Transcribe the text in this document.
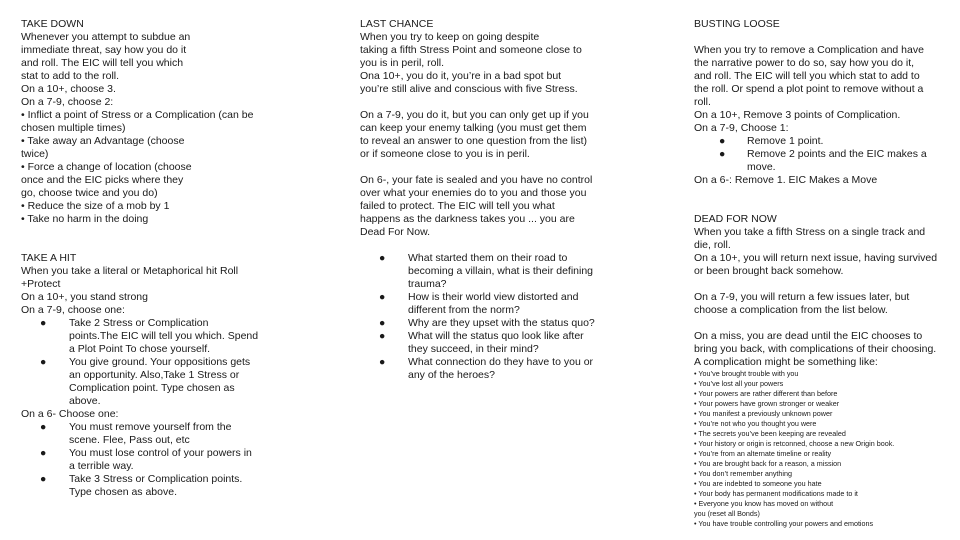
TAKE DOWN
Whenever you attempt to subdue an
immediate threat, say how you do it
and roll. The EIC will tell you which
stat to add to the roll.
On a 10+, choose 3.
On a 7-9, choose 2:
• Inflict a point of Stress or a Complication (can be
chosen multiple times)
• Take away an Advantage (choose
twice)
• Force a change of location (choose
once and the EIC picks where they
go, choose twice and you do)
• Reduce the size of a mob by 1
• Take no harm in the doing
TAKE A HIT
When you take a literal or Metaphorical hit Roll
+Protect
On a 10+, you stand strong
On a 7-9, choose one:
● Take 2 Stress or Complication
points.The EIC will tell you which. Spend
a Plot Point To chose yourself.
● You give ground. Your oppositions gets
an opportunity. Also,Take 1 Stress or
Complication point. Type chosen as
above.
On a 6- Choose one:
● You must remove yourself from the
scene. Flee, Pass out, etc
● You must lose control of your powers in
a terrible way.
● Take 3 Stress or Complication points.
Type chosen as above.
LAST CHANCE
When you try to keep on going despite
taking a fifth Stress Point and someone close to
you is in peril, roll.
Ona 10+, you do it, you’re in a bad spot but
you’re still alive and conscious with five Stress.
On a 7-9, you do it, but you can only get up if you
can keep your enemy talking (you must get them
to reveal an answer to one question from the list)
or if someone close to you is in peril.
On 6-, your fate is sealed and you have no control
over what your enemies do to you and those you
failed to protect. The EIC will tell you what
happens as the darkness takes you ... you are
Dead For Now.
● What started them on their road to
becoming a villain, what is their defining
trauma?
● How is their world view distorted and
different from the norm?
● Why are they upset with the status quo?
● What will the status quo look like after
they succeed, in their mind?
● What connection do they have to you or
any of the heroes?
BUSTING LOOSE
When you try to remove a Complication and have
the narrative power to do so, say how you do it,
and roll. The EIC will tell you which stat to add to
the roll. Or spend a plot point to remove without a
roll.
On a 10+, Remove 3 points of Complication.
On a 7-9, Choose 1:
● Remove 1 point.
● Remove 2 points and the EIC makes a
move.
On a 6-: Remove 1. EIC Makes a Move
DEAD FOR NOW
When you take a fifth Stress on a single track and
die, roll.
On a 10+, you will return next issue, having survived
or been brought back somehow.
On a 7-9, you will return a few issues later, but
choose a complication from the list below.
On a miss, you are dead until the EIC chooses to
bring you back, with complications of their choosing.
A complication might be something like:
• You’ve brought trouble with you
• You’ve lost all your powers
• Your powers are rather different than before
• Your powers have grown stronger or weaker
• You manifest a previously unknown power
• You’re not who you thought you were
• The secrets you’ve been keeping are revealed
• Your history or origin is retconned, choose a new Origin book.
• You’re from an alternate timeline or reality
• You are brought back for a reason, a mission
• You don’t remember anything
• You are indebted to someone you hate
• Your body has permanent modifications made to it
• Everyone you know has moved on without
you (reset all Bonds)
• You have trouble controlling your powers and emotions
